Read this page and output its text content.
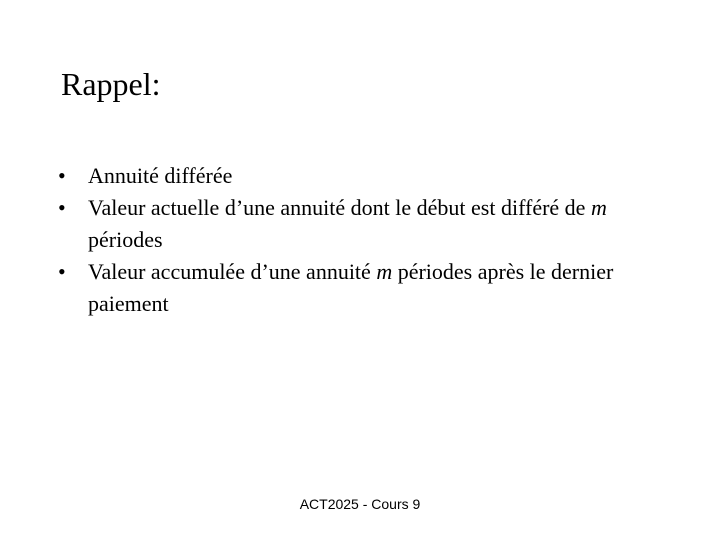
Rappel:
•	Annuité différée
•	Valeur actuelle d’une annuité dont le début est différé de m périodes
•	Valeur accumulée d’une annuité m périodes après le dernier paiement
ACT2025 - Cours 9
